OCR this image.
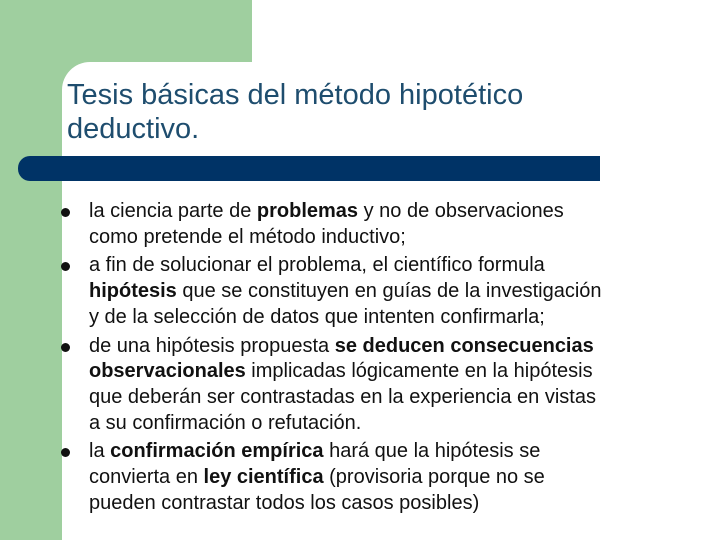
Tesis básicas del método hipotético
deductivo.
la ciencia parte de problemas y no de observaciones
como pretende el método inductivo;
a fin de solucionar el problema, el científico formula
hipótesis que se constituyen en guías de la investigación
y de la selección de datos que intenten confirmarla;
de una hipótesis propuesta se deducen consecuencias
observacionales implicadas lógicamente en la hipótesis
que deberán ser contrastadas en la experiencia en vistas
a su confirmación o refutación.
la confirmación empírica hará que la hipótesis se
convierta en ley científica (provisoria porque no se
pueden contrastar todos los casos posibles)
